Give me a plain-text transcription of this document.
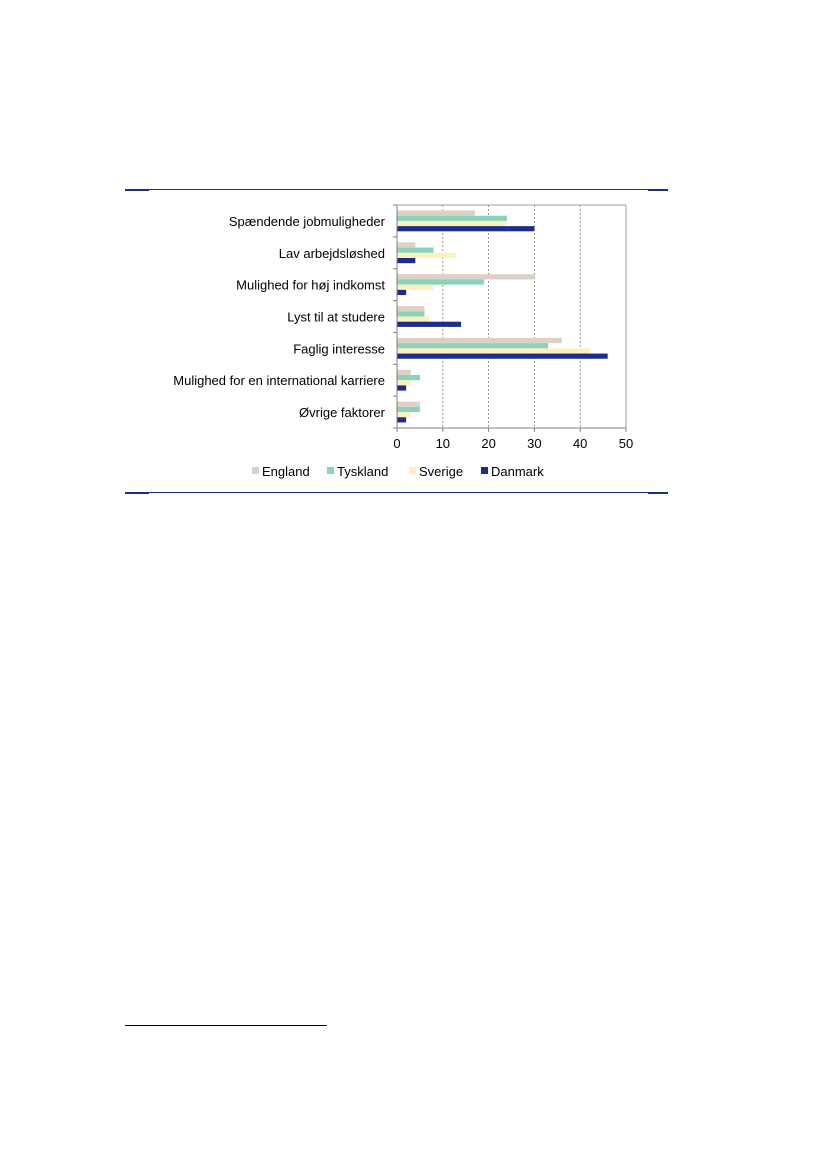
Spændende jobmuligheder
Lav arbejdsløshed
Mulighed for høj indkomst
Lyst til at studere
Faglig interesse
Mulighed for en international karriere
Øvrige faktorer
0	10 20 30 40 50
England Tyskland Sverige Danmark
